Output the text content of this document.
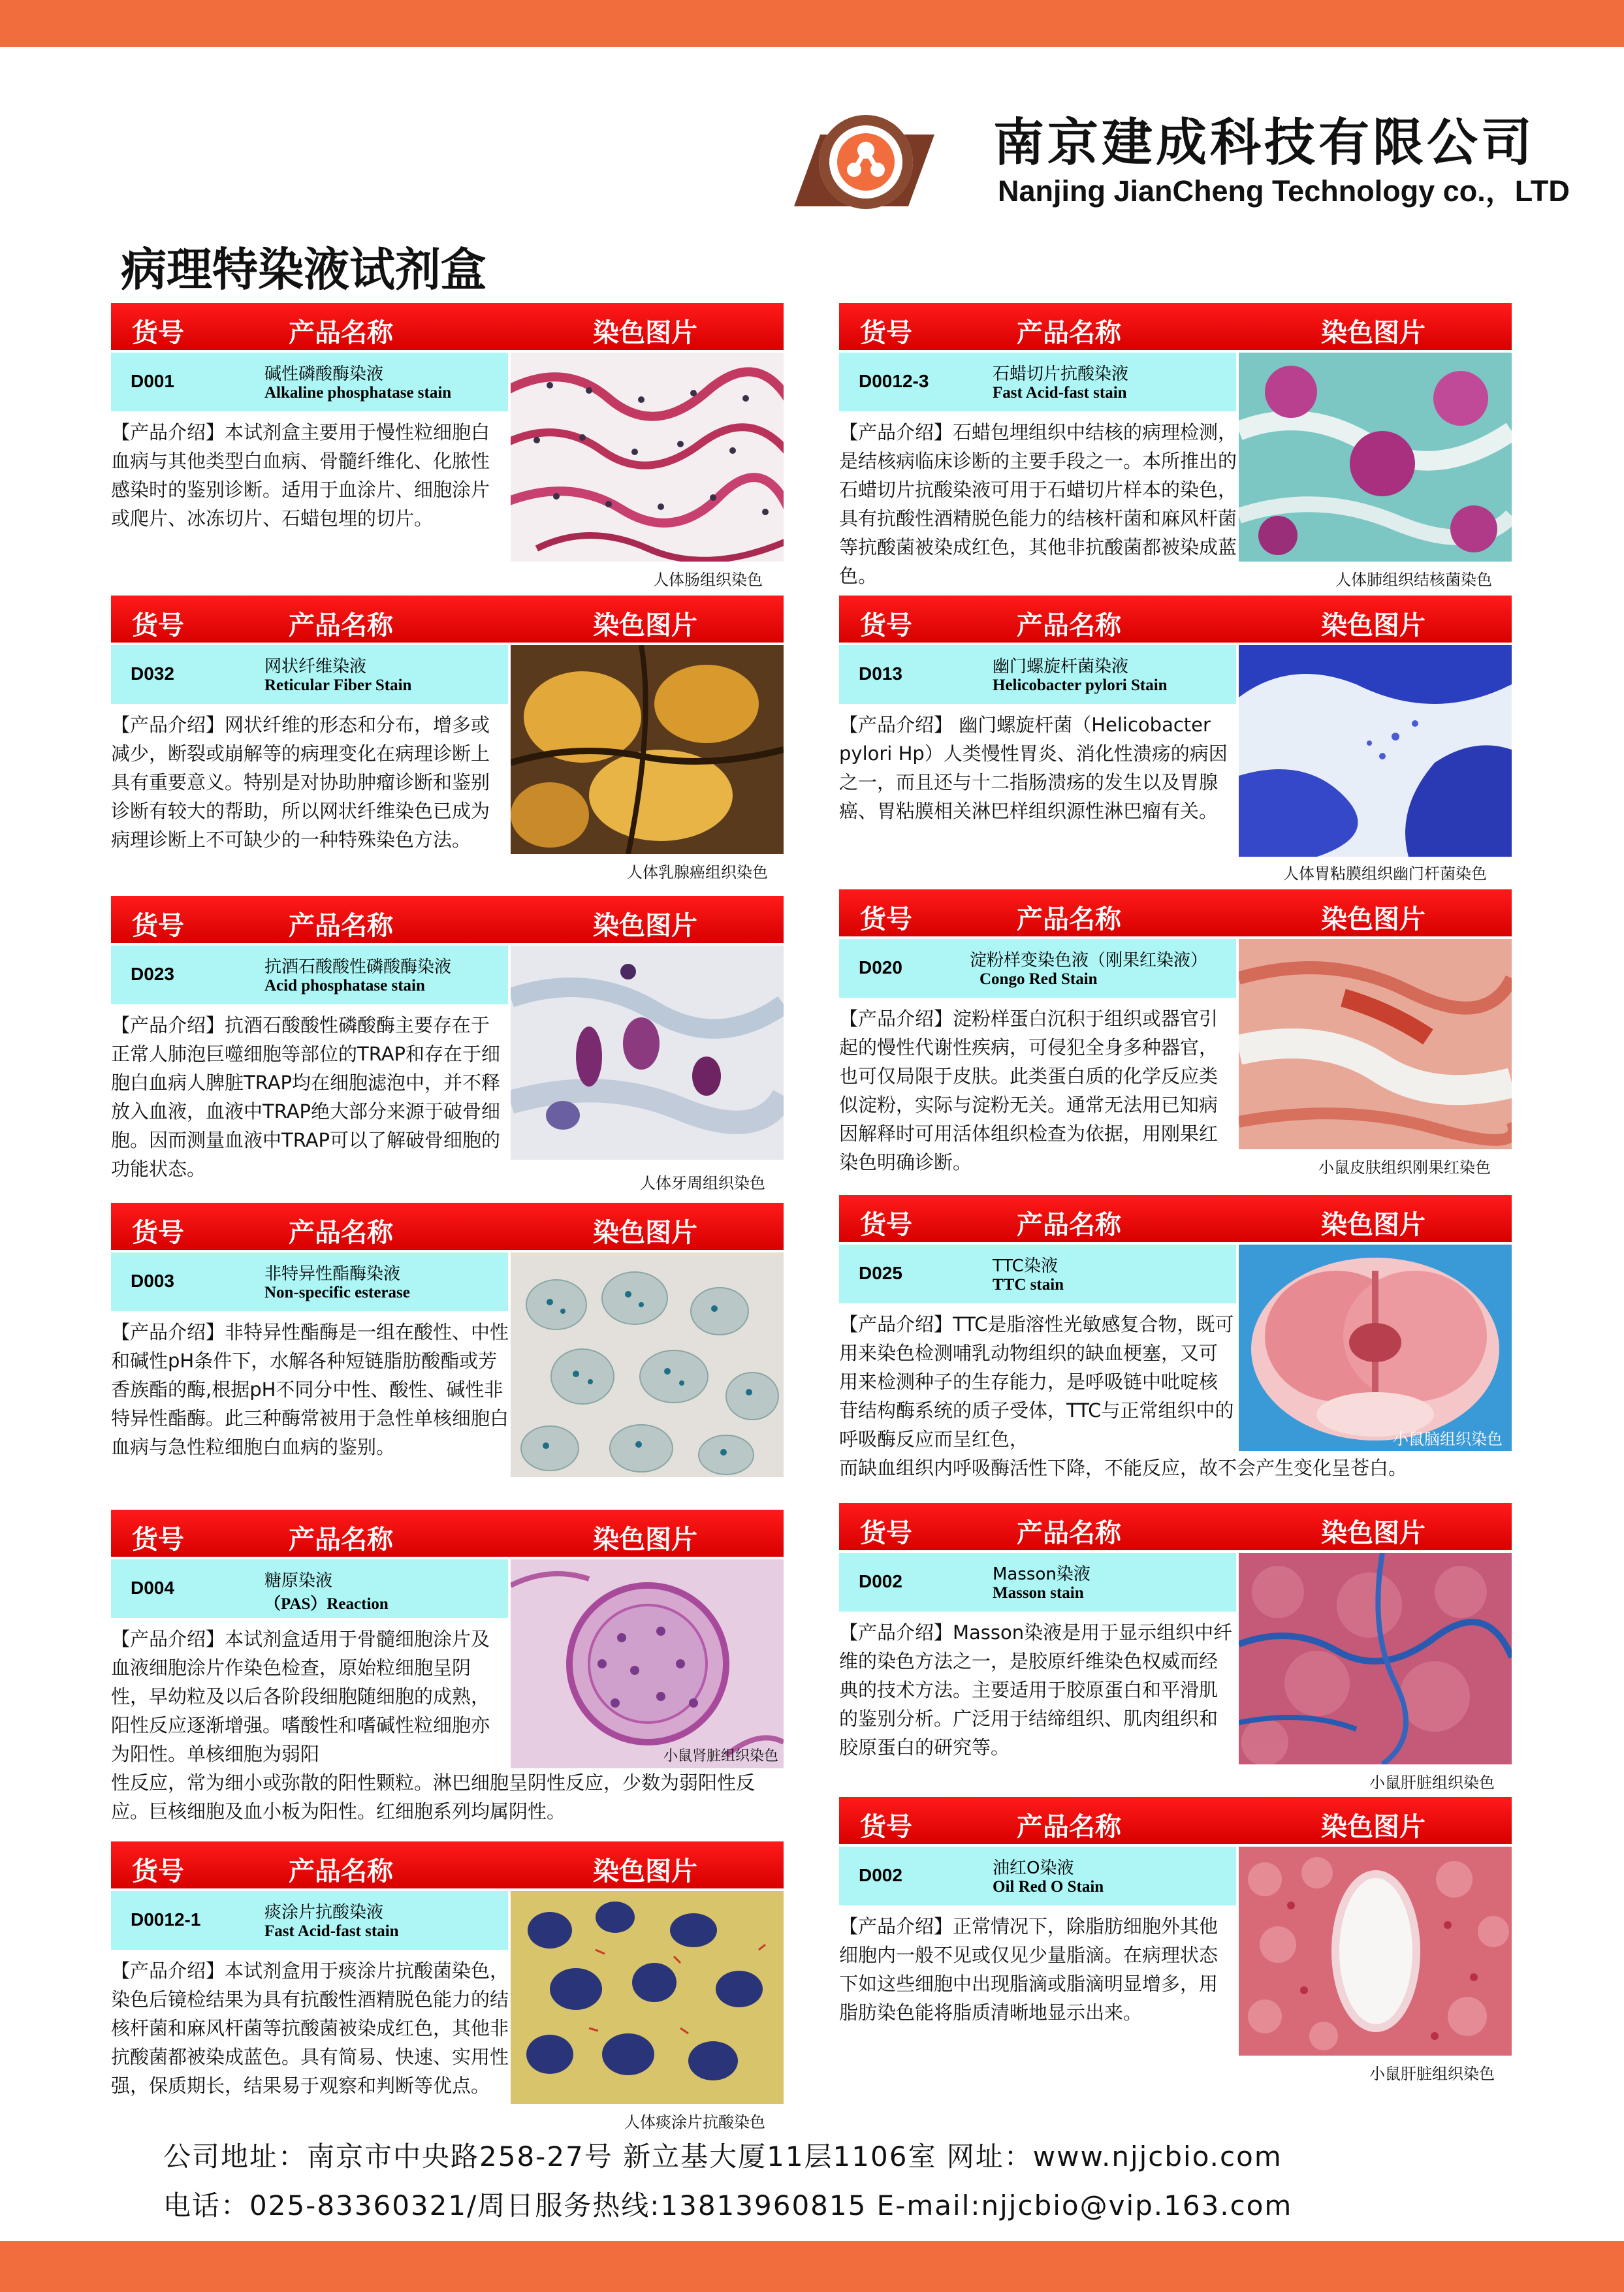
南京建成科技有限公司
Nanjing JianCheng Technology co.，LTD
病理特染液试剂盒
货号	产品名称	染色图片
D001	碱性磷酸酶染液
Alkaline phosphatase stain
人体肠组织染色
【产品介绍】本试剂盒主要用于慢性粒细胞白血病与其他类型白血病、骨髓纤维化、化脓性感染时的鉴别诊断。适用于血涂片、细胞涂片或爬片、冰冻切片、石蜡包埋的切片。
货号	产品名称	染色图片
D032	网状纤维染液
Reticular Fiber Stain
人体乳腺癌组织染色
【产品介绍】网状纤维的形态和分布，增多或减少，断裂或崩解等的病理变化在病理诊断上具有重要意义。特别是对协助肿瘤诊断和鉴别诊断有较大的帮助，所以网状纤维染色已成为病理诊断上不可缺少的一种特殊染色方法。
货号	产品名称	染色图片
D023	抗酒石酸酸性磷酸酶染液
Acid phosphatase stain
人体牙周组织染色
【产品介绍】抗酒石酸酸性磷酸酶主要存在于正常人肺泡巨噬细胞等部位的TRAP和存在于细胞白血病人脾脏TRAP均在细胞滤泡中，并不释放入血液，血液中TRAP绝大部分来源于破骨细胞。因而测量血液中TRAP可以了解破骨细胞的功能状态。
货号	产品名称	染色图片
D003	非特异性酯酶染液
Non-specific esterase
【产品介绍】非特异性酯酶是一组在酸性、中性和碱性pH条件下，水解各种短链脂肪酸酯或芳香族酯的酶,根据pH不同分中性、酸性、碱性非特异性酯酶。此三种酶常被用于急性单核细胞白血病与急性粒细胞白血病的鉴别。
货号	产品名称	染色图片
D004	糖原染液
（PAS）Reaction
小鼠肾脏组织染色
【产品介绍】本试剂盒适用于骨髓细胞涂片及血液细胞涂片作染色检查，原始粒细胞呈阴性，早幼粒及以后各阶段细胞随细胞的成熟，阳性反应逐渐增强。嗜酸性和嗜碱性粒细胞亦为阳性。单核细胞为弱阳
性反应，常为细小或弥散的阳性颗粒。淋巴细胞呈阴性反应，少数为弱阳性反应。巨核细胞及血小板为阳性。红细胞系列均属阴性。
货号	产品名称	染色图片
D0012-1	痰涂片抗酸染液
Fast Acid-fast stain
人体痰涂片抗酸染色
【产品介绍】本试剂盒用于痰涂片抗酸菌染色，染色后镜检结果为具有抗酸性酒精脱色能力的结核杆菌和麻风杆菌等抗酸菌被染成红色，其他非抗酸菌都被染成蓝色。具有简易、快速、实用性强，保质期长，结果易于观察和判断等优点。
货号	产品名称	染色图片
D0012-3	石蜡切片抗酸染液
Fast Acid-fast stain
人体肺组织结核菌染色
【产品介绍】石蜡包埋组织中结核的病理检测，是结核病临床诊断的主要手段之一。本所推出的石蜡切片抗酸染液可用于石蜡切片样本的染色，具有抗酸性酒精脱色能力的结核杆菌和麻风杆菌等抗酸菌被染成红色，其他非抗酸菌都被染成蓝色。
货号	产品名称	染色图片
D013	幽门螺旋杆菌染液
Helicobacter pylori Stain
人体胃粘膜组织幽门杆菌染色
【产品介绍】 幽门螺旋杆菌（Helicobacter pylori Hp）人类慢性胃炎、消化性溃疡的病因之一，而且还与十二指肠溃疡的发生以及胃腺癌、胃粘膜相关淋巴样组织源性淋巴瘤有关。
货号	产品名称	染色图片
D020	淀粉样变染色液（刚果红染液）
Congo Red Stain
小鼠皮肤组织刚果红染色
【产品介绍】淀粉样蛋白沉积于组织或器官引起的慢性代谢性疾病，可侵犯全身多种器官，也可仅局限于皮肤。此类蛋白质的化学反应类似淀粉，实际与淀粉无关。通常无法用已知病因解释时可用活体组织检查为依据，用刚果红染色明确诊断。
货号	产品名称	染色图片
D025	TTC染液
TTC stain
小鼠脑组织染色
【产品介绍】TTC是脂溶性光敏感复合物，既可用来染色检测哺乳动物组织的缺血梗塞，又可用来检测种子的生存能力，是呼吸链中吡啶核苷结构酶系统的质子受体，TTC与正常组织中的呼吸酶反应而呈红色，
而缺血组织内呼吸酶活性下降，不能反应，故不会产生变化呈苍白。
货号	产品名称	染色图片
D002	Masson染液
Masson stain
小鼠肝脏组织染色
【产品介绍】Masson染液是用于显示组织中纤维的染色方法之一，是胶原纤维染色权威而经典的技术方法。主要适用于胶原蛋白和平滑肌的鉴别分析。广泛用于结缔组织、肌肉组织和胶原蛋白的研究等。
货号	产品名称	染色图片
D002	油红O染液
Oil Red O Stain
小鼠肝脏组织染色
【产品介绍】正常情况下，除脂肪细胞外其他细胞内一般不见或仅见少量脂滴。在病理状态下如这些细胞中出现脂滴或脂滴明显增多，用脂肪染色能将脂质清晰地显示出来。
公司地址：南京市中央路258-27号 新立基大厦11层1106室 网址：www.njjcbio.com
电话：025-83360321/周日服务热线:13813960815 E-mail:njjcbio@vip.163.com
